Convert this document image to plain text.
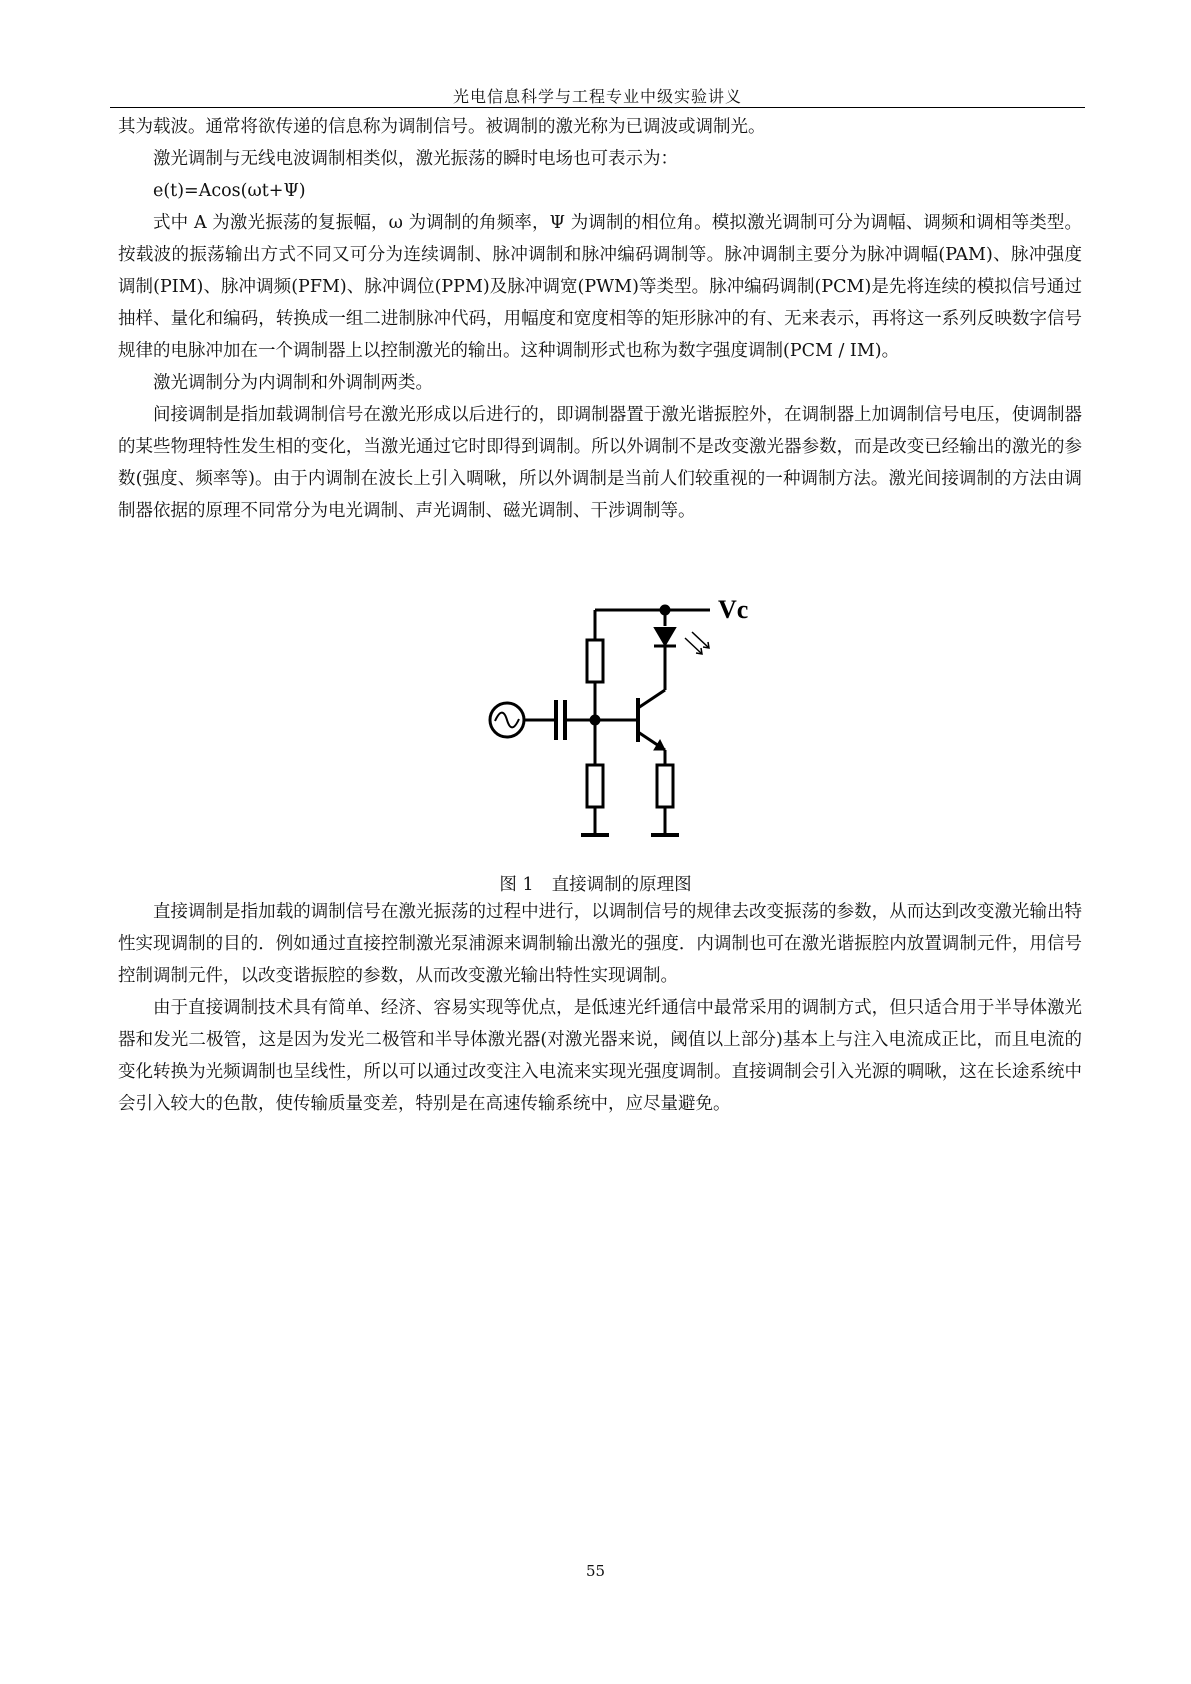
光电信息科学与工程专业中级实验讲义

其为载波。通常将欲传递的信息称为调制信号。被调制的激光称为已调波或调制光。

激光调制与无线电波调制相类似，激光振荡的瞬时电场也可表示为：

e(t)=Acos(ωt+Ψ)

式中 A 为激光振荡的复振幅，ω 为调制的角频率，Ψ 为调制的相位角。模拟激光调制可分为调幅、调频和调相等类型。按载波的振荡输出方式不同又可分为连续调制、脉冲调制和脉冲编码调制等。脉冲调制主要分为脉冲调幅(PAM)、脉冲强度调制(PIM)、脉冲调频(PFM)、脉冲调位(PPM)及脉冲调宽(PWM)等类型。脉冲编码调制(PCM)是先将连续的模拟信号通过抽样、量化和编码，转换成一组二进制脉冲代码，用幅度和宽度相等的矩形脉冲的有、无来表示，再将这一系列反映数字信号规律的电脉冲加在一个调制器上以控制激光的输出。这种调制形式也称为数字强度调制(PCM / IM)。

激光调制分为内调制和外调制两类。

间接调制是指加载调制信号在激光形成以后进行的，即调制器置于激光谐振腔外，在调制器上加调制信号电压，使调制器的某些物理特性发生相的变化，当激光通过它时即得到调制。所以外调制不是改变激光器参数，而是改变已经输出的激光的参数(强度、频率等)。由于内调制在波长上引入啁啾，所以外调制是当前人们较重视的一种调制方法。激光间接调制的方法由调制器依据的原理不同常分为电光调制、声光调制、磁光调制、干涉调制等。

Vc
图 1 直接调制的原理图

直接调制是指加载的调制信号在激光振荡的过程中进行，以调制信号的规律去改变振荡的参数，从而达到改变激光输出特性实现调制的目的．例如通过直接控制激光泵浦源来调制输出激光的强度．内调制也可在激光谐振腔内放置调制元件，用信号控制调制元件，以改变谐振腔的参数，从而改变激光输出特性实现调制。

由于直接调制技术具有简单、经济、容易实现等优点，是低速光纤通信中最常采用的调制方式，但只适合用于半导体激光器和发光二极管，这是因为发光二极管和半导体激光器(对激光器来说，阈值以上部分)基本上与注入电流成正比，而且电流的变化转换为光频调制也呈线性，所以可以通过改变注入电流来实现光强度调制。直接调制会引入光源的啁啾，这在长途系统中会引入较大的色散，使传输质量变差，特别是在高速传输系统中，应尽量避免。

55
